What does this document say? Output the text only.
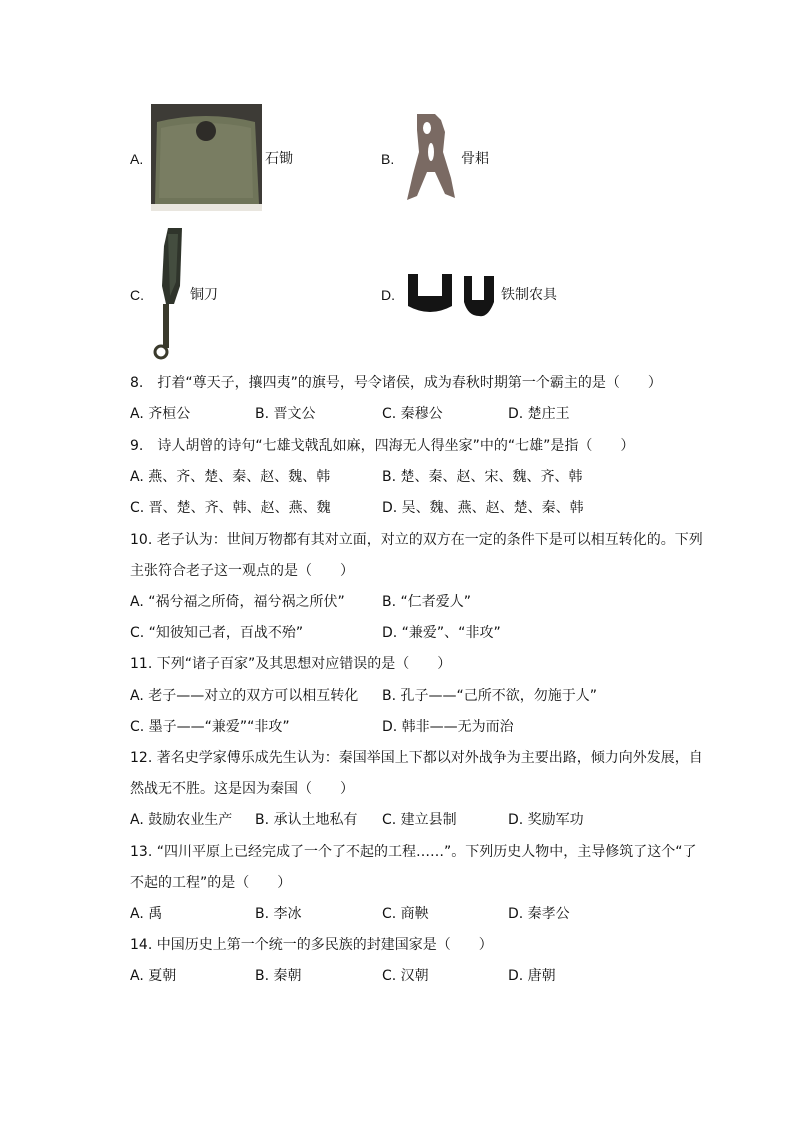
A.	石锄	B.	骨耜
C.	铜刀	D.	铁制农具
8.　打着“尊天子，攘四夷”的旗号，号令诸侯，成为春秋时期第一个霸主的是（　　）
A. 齐桓公	B. 晋文公	C. 秦穆公	D. 楚庄王
9.　诗人胡曾的诗句“七雄戈戟乱如麻，四海无人得坐家”中的“七雄”是指（　　）
A. 燕、齐、楚、秦、赵、魏、韩	B. 楚、秦、赵、宋、魏、齐、韩
C. 晋、楚、齐、韩、赵、燕、魏	D. 吴、魏、燕、赵、楚、秦、韩
10. 老子认为：世间万物都有其对立面，对立的双方在一定的条件下是可以相互转化的。下列
主张符合老子这一观点的是（　　）
A. “祸兮福之所倚，福兮祸之所伏”	B. “仁者爱人”
C. “知彼知己者，百战不殆”	D. “兼爱”、“非攻”
11. 下列“诸子百家”及其思想对应错误的是（　　）
A. 老子——对立的双方可以相互转化 B. 孔子——“己所不欲，勿施于人”
C. 墨子——“兼爱”“非攻”	D. 韩非——无为而治
12. 著名史学家傅乐成先生认为：秦国举国上下都以对外战争为主要出路，倾力向外发展，自
然战无不胜。这是因为秦国（　　）
A. 鼓励农业生产 B. 承认土地私有 C. 建立县制	D. 奖励军功
13. “四川平原上已经完成了一个了不起的工程……”。下列历史人物中，主导修筑了这个“了
不起的工程”的是（　　）
A. 禹	B. 李冰	C. 商鞅	D. 秦孝公
14. 中国历史上第一个统一的多民族的封建国家是（　　）
A. 夏朝	B. 秦朝	C. 汉朝	D. 唐朝
